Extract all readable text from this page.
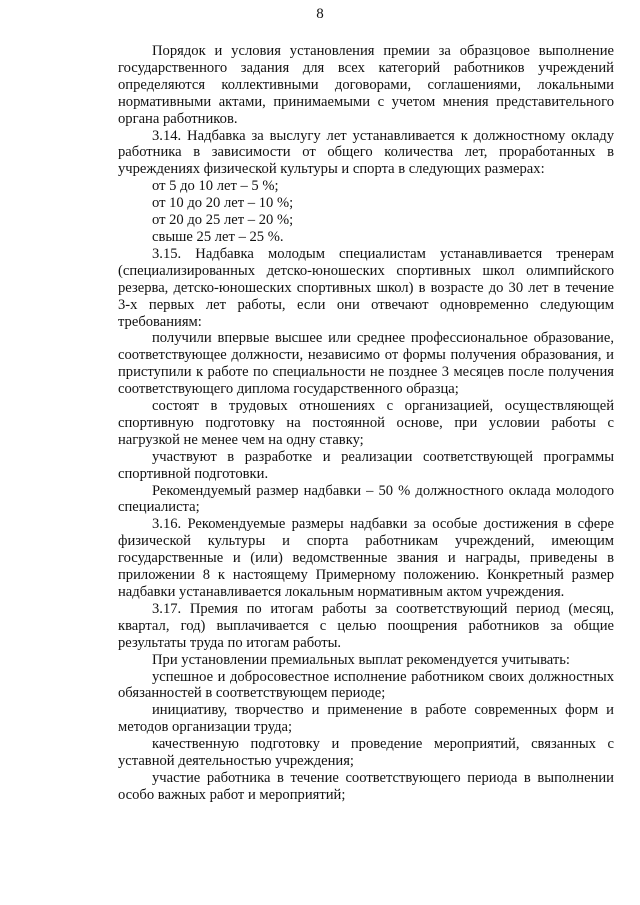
8

Порядок и условия установления премии за образцовое выполнение государственного задания для всех категорий работников учреждений определяются коллективными договорами, соглашениями, локальными нормативными актами, принимаемыми с учетом мнения представительного органа работников.

3.14. Надбавка за выслугу лет устанавливается к должностному окладу работника в зависимости от общего количества лет, проработанных в учреждениях физической культуры и спорта в следующих размерах:

от 5 до 10 лет – 5 %;

от 10 до 20 лет – 10 %;

от 20 до 25 лет – 20 %;

свыше 25 лет – 25 %.

3.15. Надбавка молодым специалистам устанавливается тренерам (специализированных детско-юношеских спортивных школ олимпийского резерва, детско-юношеских спортивных школ) в возрасте до 30 лет в течение 3-х первых лет работы, если они отвечают одновременно следующим требованиям:

получили впервые высшее или среднее профессиональное образование, соответствующее должности, независимо от формы получения образования, и приступили к работе по специальности не позднее 3 месяцев после получения соответствующего диплома государственного образца;

состоят в трудовых отношениях с организацией, осуществляющей спортивную подготовку на постоянной основе, при условии работы с нагрузкой не менее чем на одну ставку;

участвуют в разработке и реализации соответствующей программы спортивной подготовки.

Рекомендуемый размер надбавки – 50 % должностного оклада молодого специалиста;

3.16. Рекомендуемые размеры надбавки за особые достижения в сфере физической культуры и спорта работникам учреждений, имеющим государственные и (или) ведомственные звания и награды, приведены в приложении 8 к настоящему Примерному положению. Конкретный размер надбавки устанавливается локальным нормативным актом учреждения.

3.17. Премия по итогам работы за соответствующий период (месяц, квартал, год) выплачивается с целью поощрения работников за общие результаты труда по итогам работы.

При установлении премиальных выплат рекомендуется учитывать:

успешное и добросовестное исполнение работником своих должностных обязанностей в соответствующем периоде;

инициативу, творчество и применение в работе современных форм и методов организации труда;

качественную подготовку и проведение мероприятий, связанных с уставной деятельностью учреждения;

участие работника в течение соответствующего периода в выполнении особо важных работ и мероприятий;
